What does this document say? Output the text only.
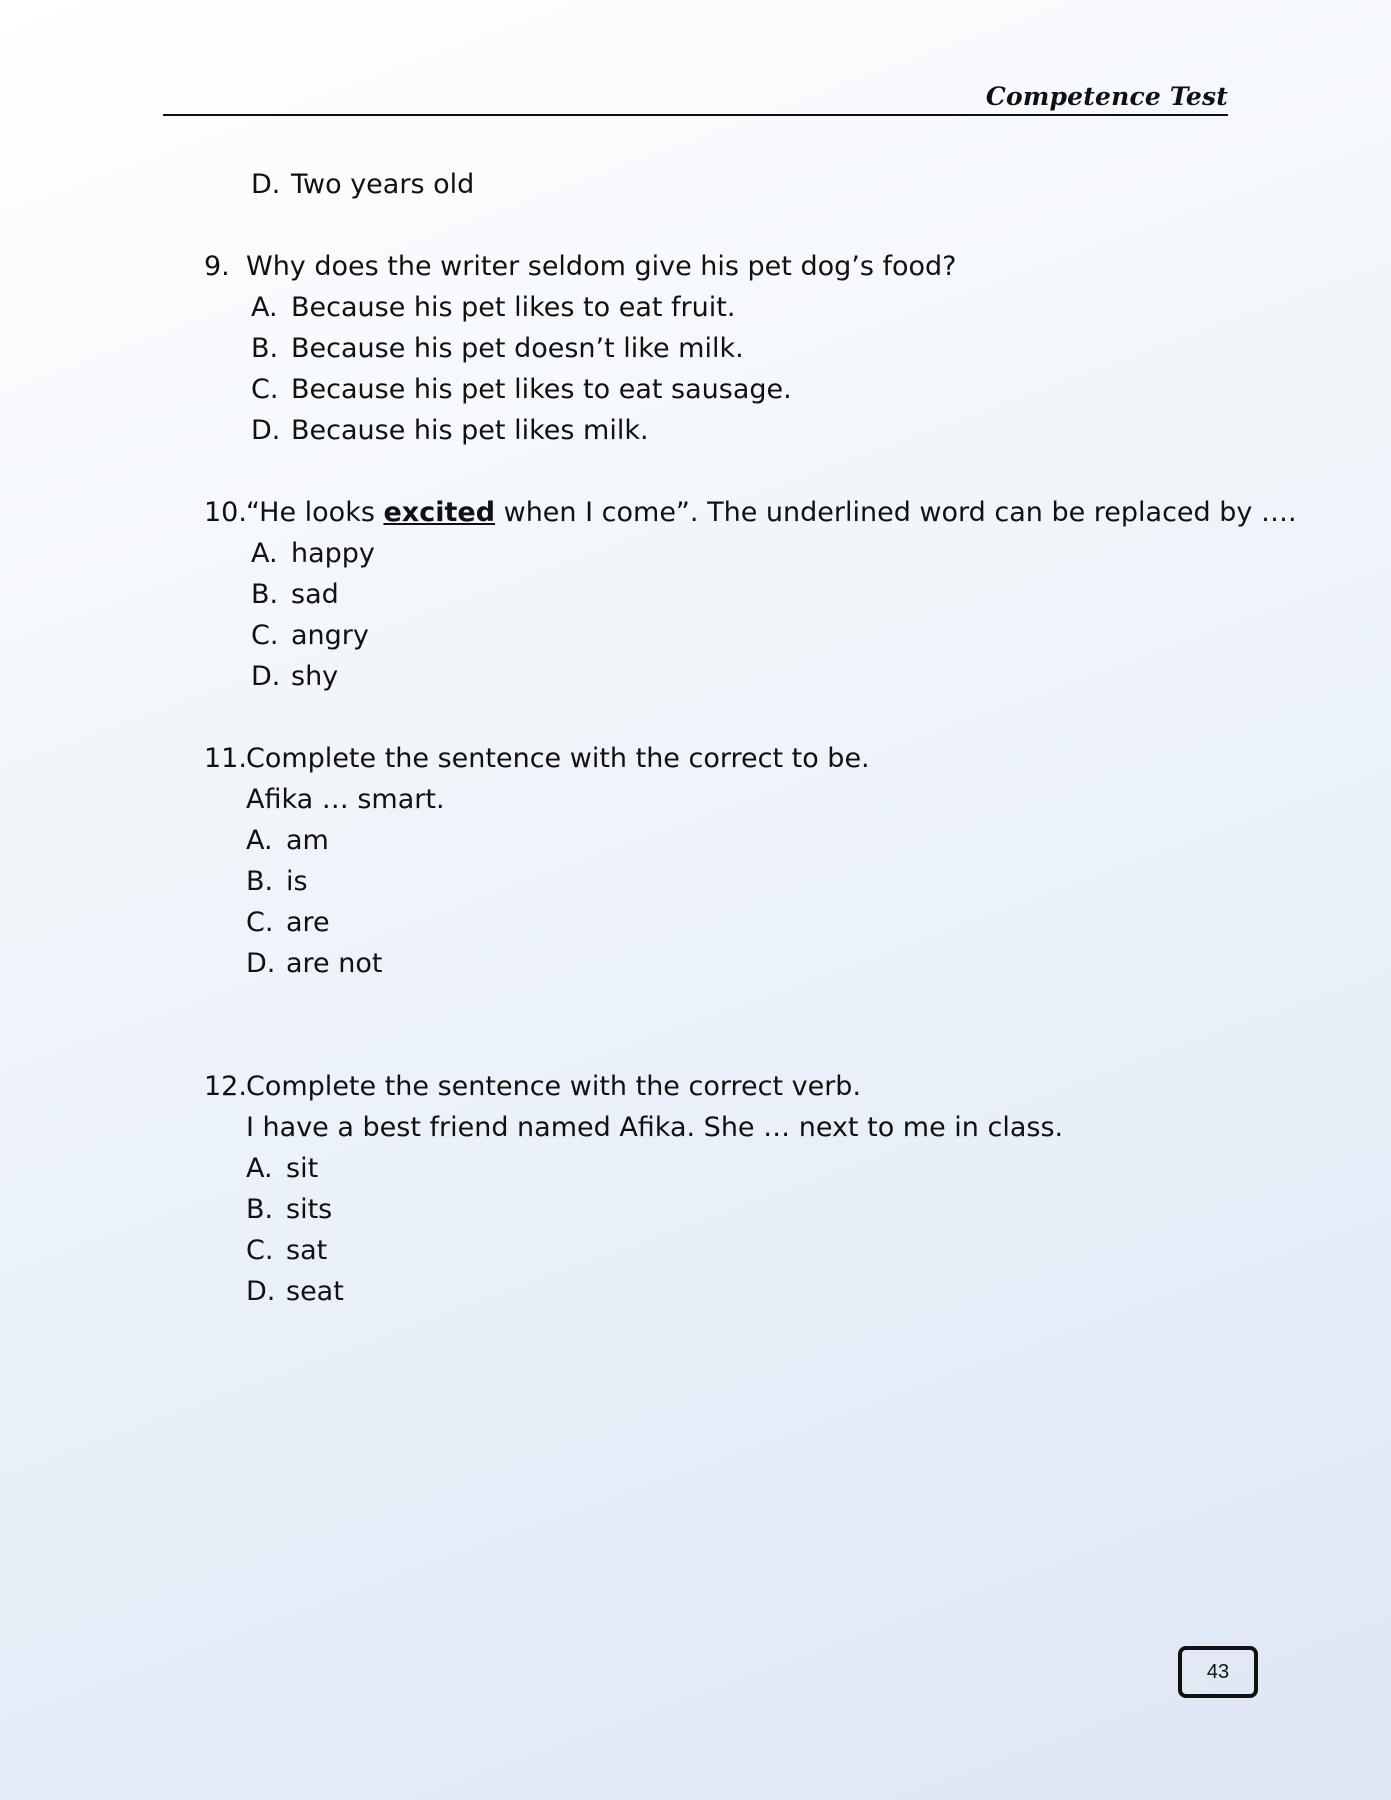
Competence Test
D. Two years old
9. Why does the writer seldom give his pet dog’s food?
A. Because his pet likes to eat fruit.
B. Because his pet doesn’t like milk.
C. Because his pet likes to eat sausage.
D. Because his pet likes milk.
10.“He looks excited when I come”. The underlined word can be replaced by ….
A. happy
B. sad
C. angry
D. shy
11.Complete the sentence with the correct to be.
Afika … smart.
A. am
B. is
C. are
D. are not
12.Complete the sentence with the correct verb.
I have a best friend named Afika. She … next to me in class.
A. sit
B. sits
C. sat
D. seat
43
